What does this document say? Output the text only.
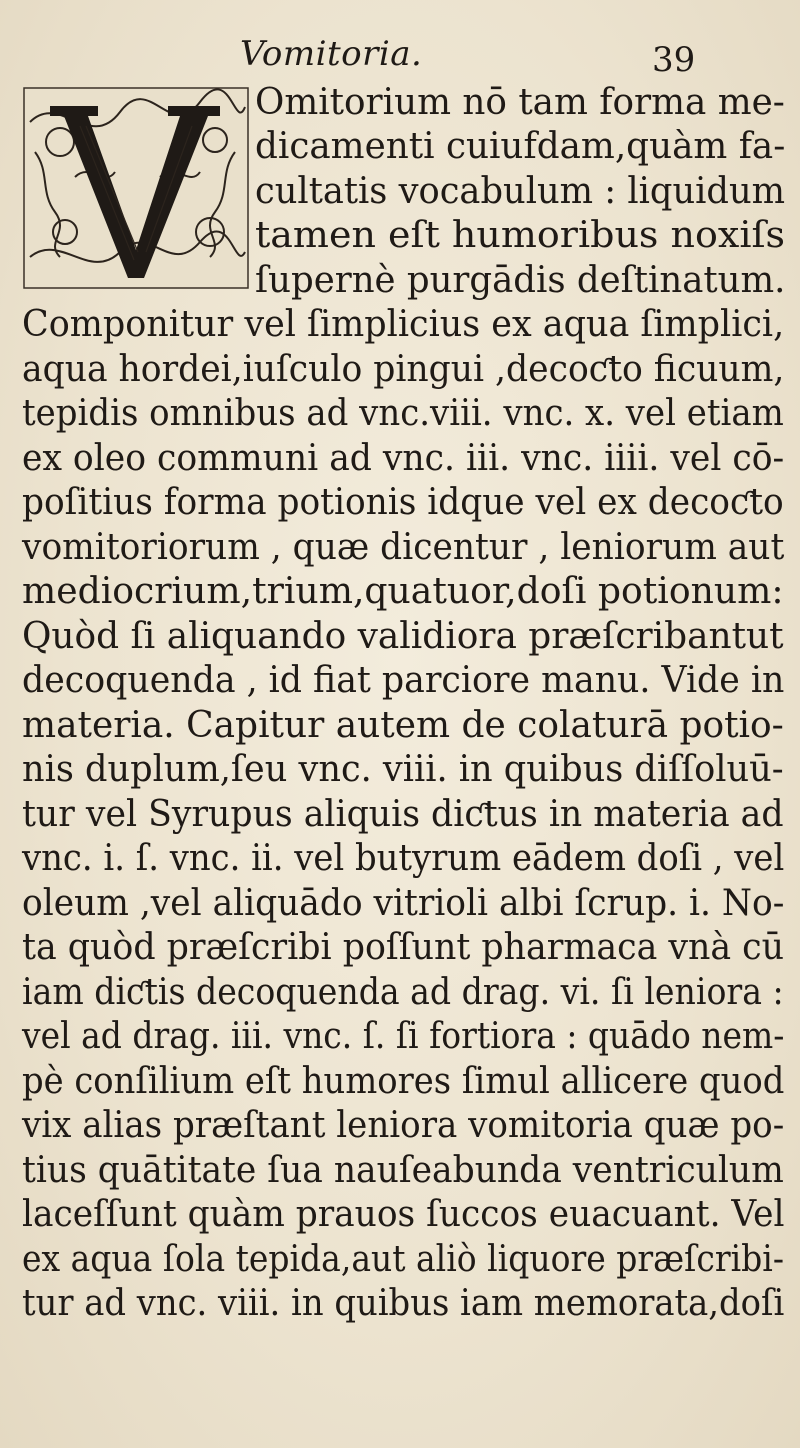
Vomitoria.	39
Omitorium nō tam forma me-
dicamenti cuiufdam,quàm fa-
cultatis vocabulum : liquidum
tamen eſt humoribus noxiſs
ſupernè purgādis deſtinatum.
Componitur vel ſimplicius ex aqua ſimplici,
aqua hordei,iuſculo pingui ,decoƈto ficuum,
tepidis omnibus ad vnc.viii. vnc. x. vel etiam
ex oleo communi ad vnc. iii. vnc. iiii. vel cō-
poſitius forma potionis idque vel ex decoƈto
vomitoriorum , quæ dicentur , leniorum aut
mediocrium,trium,quatuor,doſi potionum:
Quòd ſi aliquando validiora præſcribantut
decoquenda , id fiat parciore manu. Vide in
materia. Capitur autem de colaturā potio-
nis duplum,ſeu vnc. viii. in quibus diſſoluū-
tur vel Syrupus aliquis diƈtus in materia ad
vnc. i. ſ. vnc. ii. vel butyrum eādem doſi , vel
oleum ,vel aliquādo vitrioli albi ſcrup. i. No-
ta quòd præſcribi poſſunt pharmaca vnà cū
iam diƈtis decoquenda ad drag. vi. ſi leniora :
vel ad drag. iii. vnc. ſ. ſi fortiora : quādo nem-
pè conſilium eſt humores ſimul allicere quod
vix alias præſtant leniora vomitoria quæ po-
tius quātitate ſua nauſeabunda ventriculum
laceſſunt quàm prauos ſuccos euacuant. Vel
ex aqua ſola tepida,aut aliò liquore præſcribi-
tur ad vnc. viii. in quibus iam memorata,doſi
